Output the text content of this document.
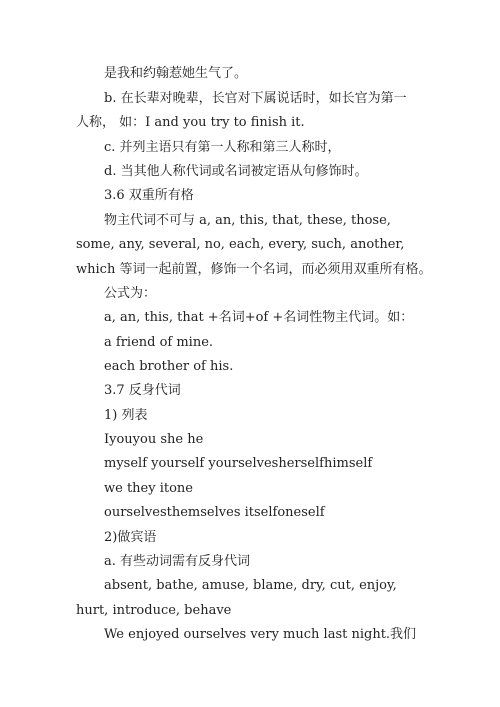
是我和约翰惹她生气了。
b. 在长辈对晚辈，长官对下属说话时，如长官为第一
人称， 如：I and you try to finish it.
c. 并列主语只有第一人称和第三人称时，
d. 当其他人称代词或名词被定语从句修饰时。
3.6 双重所有格
物主代词不可与 a, an, this, that, these, those,
some, any, several, no, each, every, such, another,
which 等词一起前置，修饰一个名词，而必须用双重所有格。
公式为：
a, an, this, that +名词+of +名词性物主代词。如：
a friend of mine.
each brother of his.
3.7 反身代词
1) 列表
Iyouyou she he
myself yourself yourselvesherselfhimself
we they itone
ourselvesthemselves itselfoneself
2)做宾语
a. 有些动词需有反身代词
absent, bathe, amuse, blame, dry, cut, enjoy,
hurt, introduce, behave
We enjoyed ourselves very much last night.我们
